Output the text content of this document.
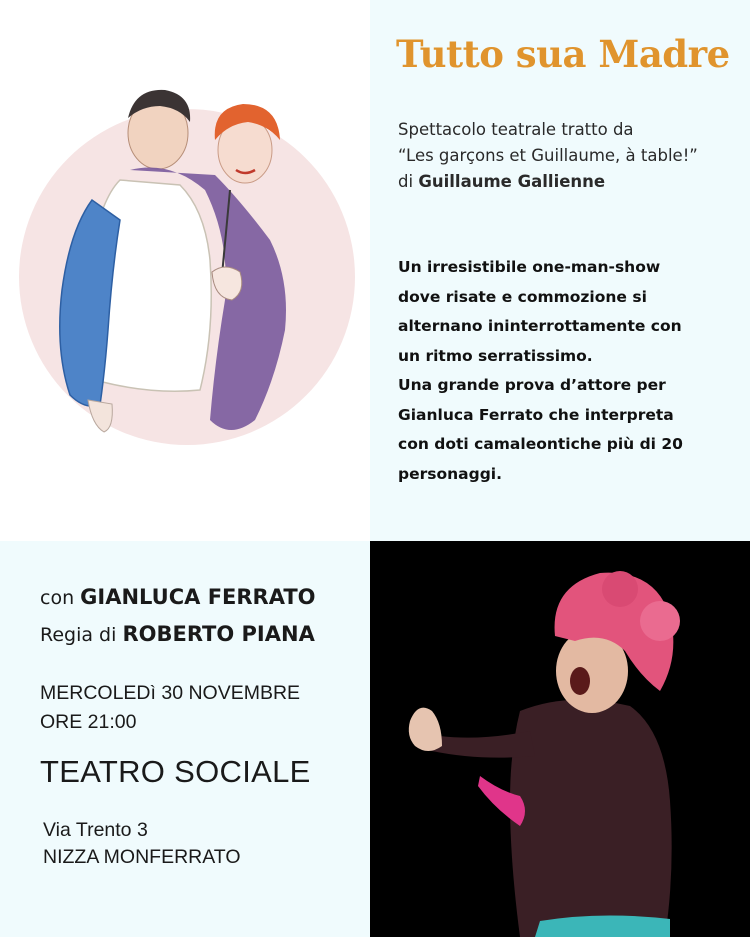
Tutto sua Madre
Spettacolo teatrale tratto da
“Les garçons et Guillaume, à table!”
di Guillaume Gallienne
Un irresistibile one-man-show
dove risate e commozione si
alternano ininterrottamente con
un ritmo serratissimo.
Una grande prova d’attore per
Gianluca Ferrato che interpreta
con doti camaleontiche più di 20
personaggi.
con GIANLUCA FERRATO
Regia di ROBERTO PIANA
MERCOLEDì 30 NOVEMBRE
ORE 21:00
TEATRO SOCIALE
Via Trento 3
NIZZA MONFERRATO
